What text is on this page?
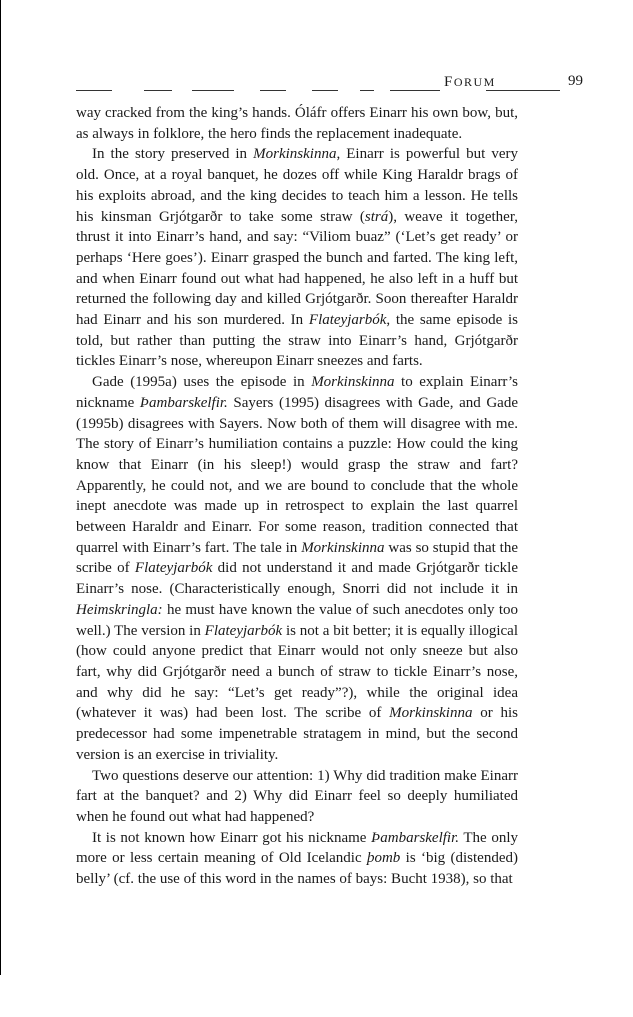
FORUM	99

way cracked from the king’s hands. Óláfr offers Einarr his own bow, but, as always in folklore, the hero finds the replacement inadequate.

In the story preserved in Morkinskinna, Einarr is powerful but very old. Once, at a royal banquet, he dozes off while King Haraldr brags of his exploits abroad, and the king decides to teach him a lesson. He tells his kinsman Grjótgarðr to take some straw (strá), weave it together, thrust it into Einarr’s hand, and say: “Viliom buaz” (‘Let’s get ready’ or perhaps ‘Here goes’). Einarr grasped the bunch and farted. The king left, and when Einarr found out what had happened, he also left in a huff but returned the following day and killed Grjótgarðr. Soon thereafter Haraldr had Einarr and his son murdered. In Flateyjarbók, the same episode is told, but rather than putting the straw into Einarr’s hand, Grjótgarðr tickles Einarr’s nose, whereupon Einarr sneezes and farts.

Gade (1995a) uses the episode in Morkinskinna to explain Einarr’s nickname Þambarskelfir. Sayers (1995) disagrees with Gade, and Gade (1995b) disagrees with Sayers. Now both of them will disagree with me. The story of Einarr’s humiliation contains a puzzle: How could the king know that Einarr (in his sleep!) would grasp the straw and fart? Apparently, he could not, and we are bound to conclude that the whole inept anecdote was made up in retrospect to explain the last quarrel between Haraldr and Einarr. For some reason, tradition connected that quarrel with Einarr’s fart. The tale in Morkinskinna was so stupid that the scribe of Flateyjarbók did not understand it and made Grjótgarðr tickle Einarr’s nose. (Characteristically enough, Snorri did not include it in Heimskringla: he must have known the value of such anecdotes only too well.) The version in Flateyjarbók is not a bit better; it is equally illogical (how could anyone predict that Einarr would not only sneeze but also fart, why did Grjótgarðr need a bunch of straw to tickle Einarr’s nose, and why did he say: “Let’s get ready”?), while the original idea (whatever it was) had been lost. The scribe of Morkinskinna or his predecessor had some impenetrable stratagem in mind, but the second version is an exercise in triviality.

Two questions deserve our attention: 1) Why did tradition make Einarr fart at the banquet? and 2) Why did Einarr feel so deeply humiliated when he found out what had happened?

It is not known how Einarr got his nickname Þambarskelfir. The only more or less certain meaning of Old Icelandic þomb is ‘big (distended) belly’ (cf. the use of this word in the names of bays: Bucht 1938), so that
